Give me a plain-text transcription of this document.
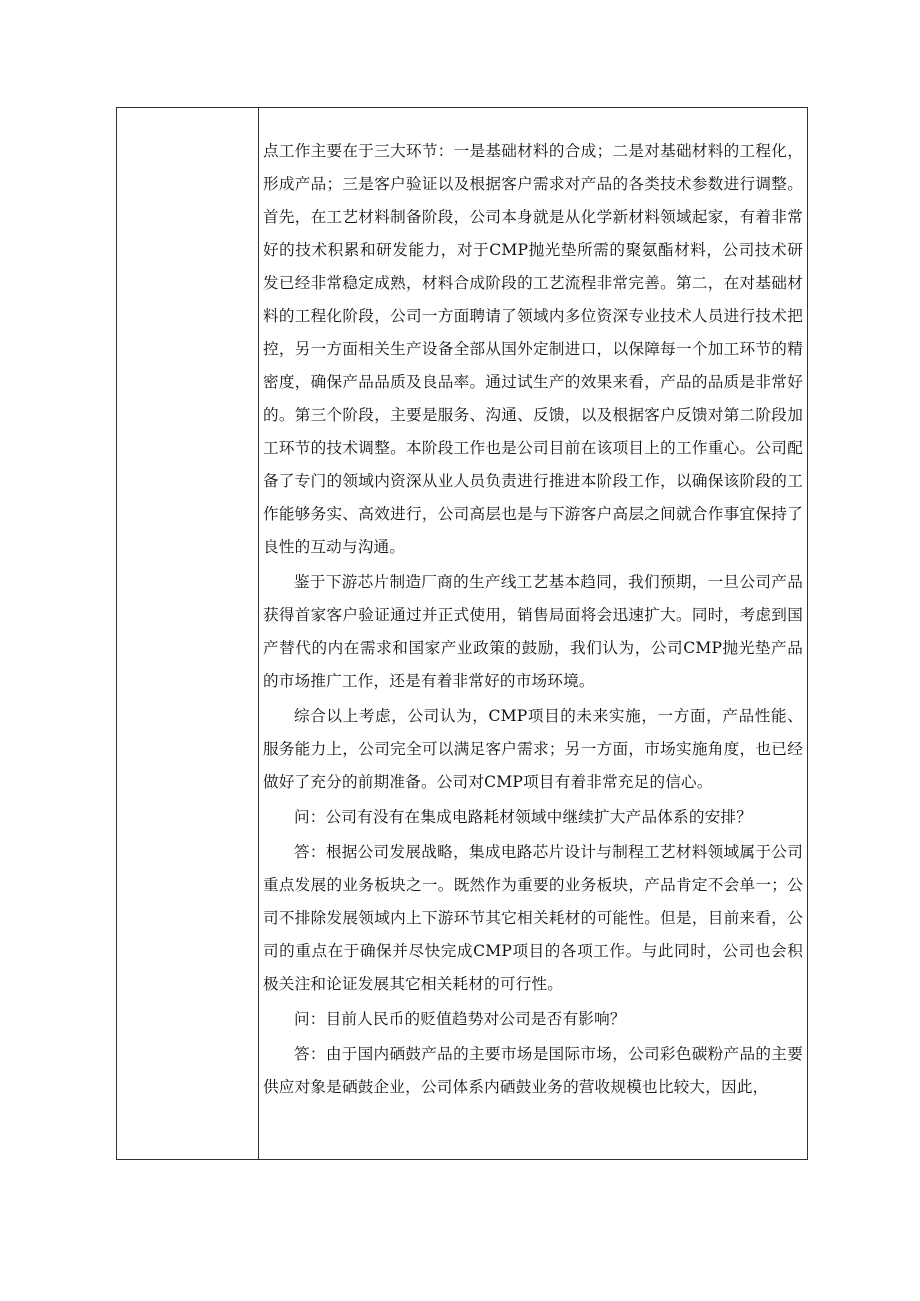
点工作主要在于三大环节：一是基础材料的合成；二是对基础材料的工程化，形成产品；三是客户验证以及根据客户需求对产品的各类技术参数进行调整。首先，在工艺材料制备阶段，公司本身就是从化学新材料领域起家，有着非常好的技术积累和研发能力，对于CMP抛光垫所需的聚氨酯材料，公司技术研发已经非常稳定成熟，材料合成阶段的工艺流程非常完善。第二，在对基础材料的工程化阶段，公司一方面聘请了领域内多位资深专业技术人员进行技术把控，另一方面相关生产设备全部从国外定制进口，以保障每一个加工环节的精密度，确保产品品质及良品率。通过试生产的效果来看，产品的品质是非常好的。第三个阶段，主要是服务、沟通、反馈，以及根据客户反馈对第二阶段加工环节的技术调整。本阶段工作也是公司目前在该项目上的工作重心。公司配备了专门的领域内资深从业人员负责进行推进本阶段工作，以确保该阶段的工作能够务实、高效进行，公司高层也是与下游客户高层之间就合作事宜保持了良性的互动与沟通。

鉴于下游芯片制造厂商的生产线工艺基本趋同，我们预期，一旦公司产品获得首家客户验证通过并正式使用，销售局面将会迅速扩大。同时，考虑到国产替代的内在需求和国家产业政策的鼓励，我们认为，公司CMP抛光垫产品的市场推广工作，还是有着非常好的市场环境。

综合以上考虑，公司认为，CMP项目的未来实施，一方面，产品性能、服务能力上，公司完全可以满足客户需求；另一方面，市场实施角度，也已经做好了充分的前期准备。公司对CMP项目有着非常充足的信心。

问：公司有没有在集成电路耗材领域中继续扩大产品体系的安排？

答：根据公司发展战略，集成电路芯片设计与制程工艺材料领域属于公司重点发展的业务板块之一。既然作为重要的业务板块，产品肯定不会单一；公司不排除发展领域内上下游环节其它相关耗材的可能性。但是，目前来看，公司的重点在于确保并尽快完成CMP项目的各项工作。与此同时，公司也会积极关注和论证发展其它相关耗材的可行性。

问：目前人民币的贬值趋势对公司是否有影响？

答：由于国内硒鼓产品的主要市场是国际市场，公司彩色碳粉产品的主要供应对象是硒鼓企业，公司体系内硒鼓业务的营收规模也比较大，因此，
